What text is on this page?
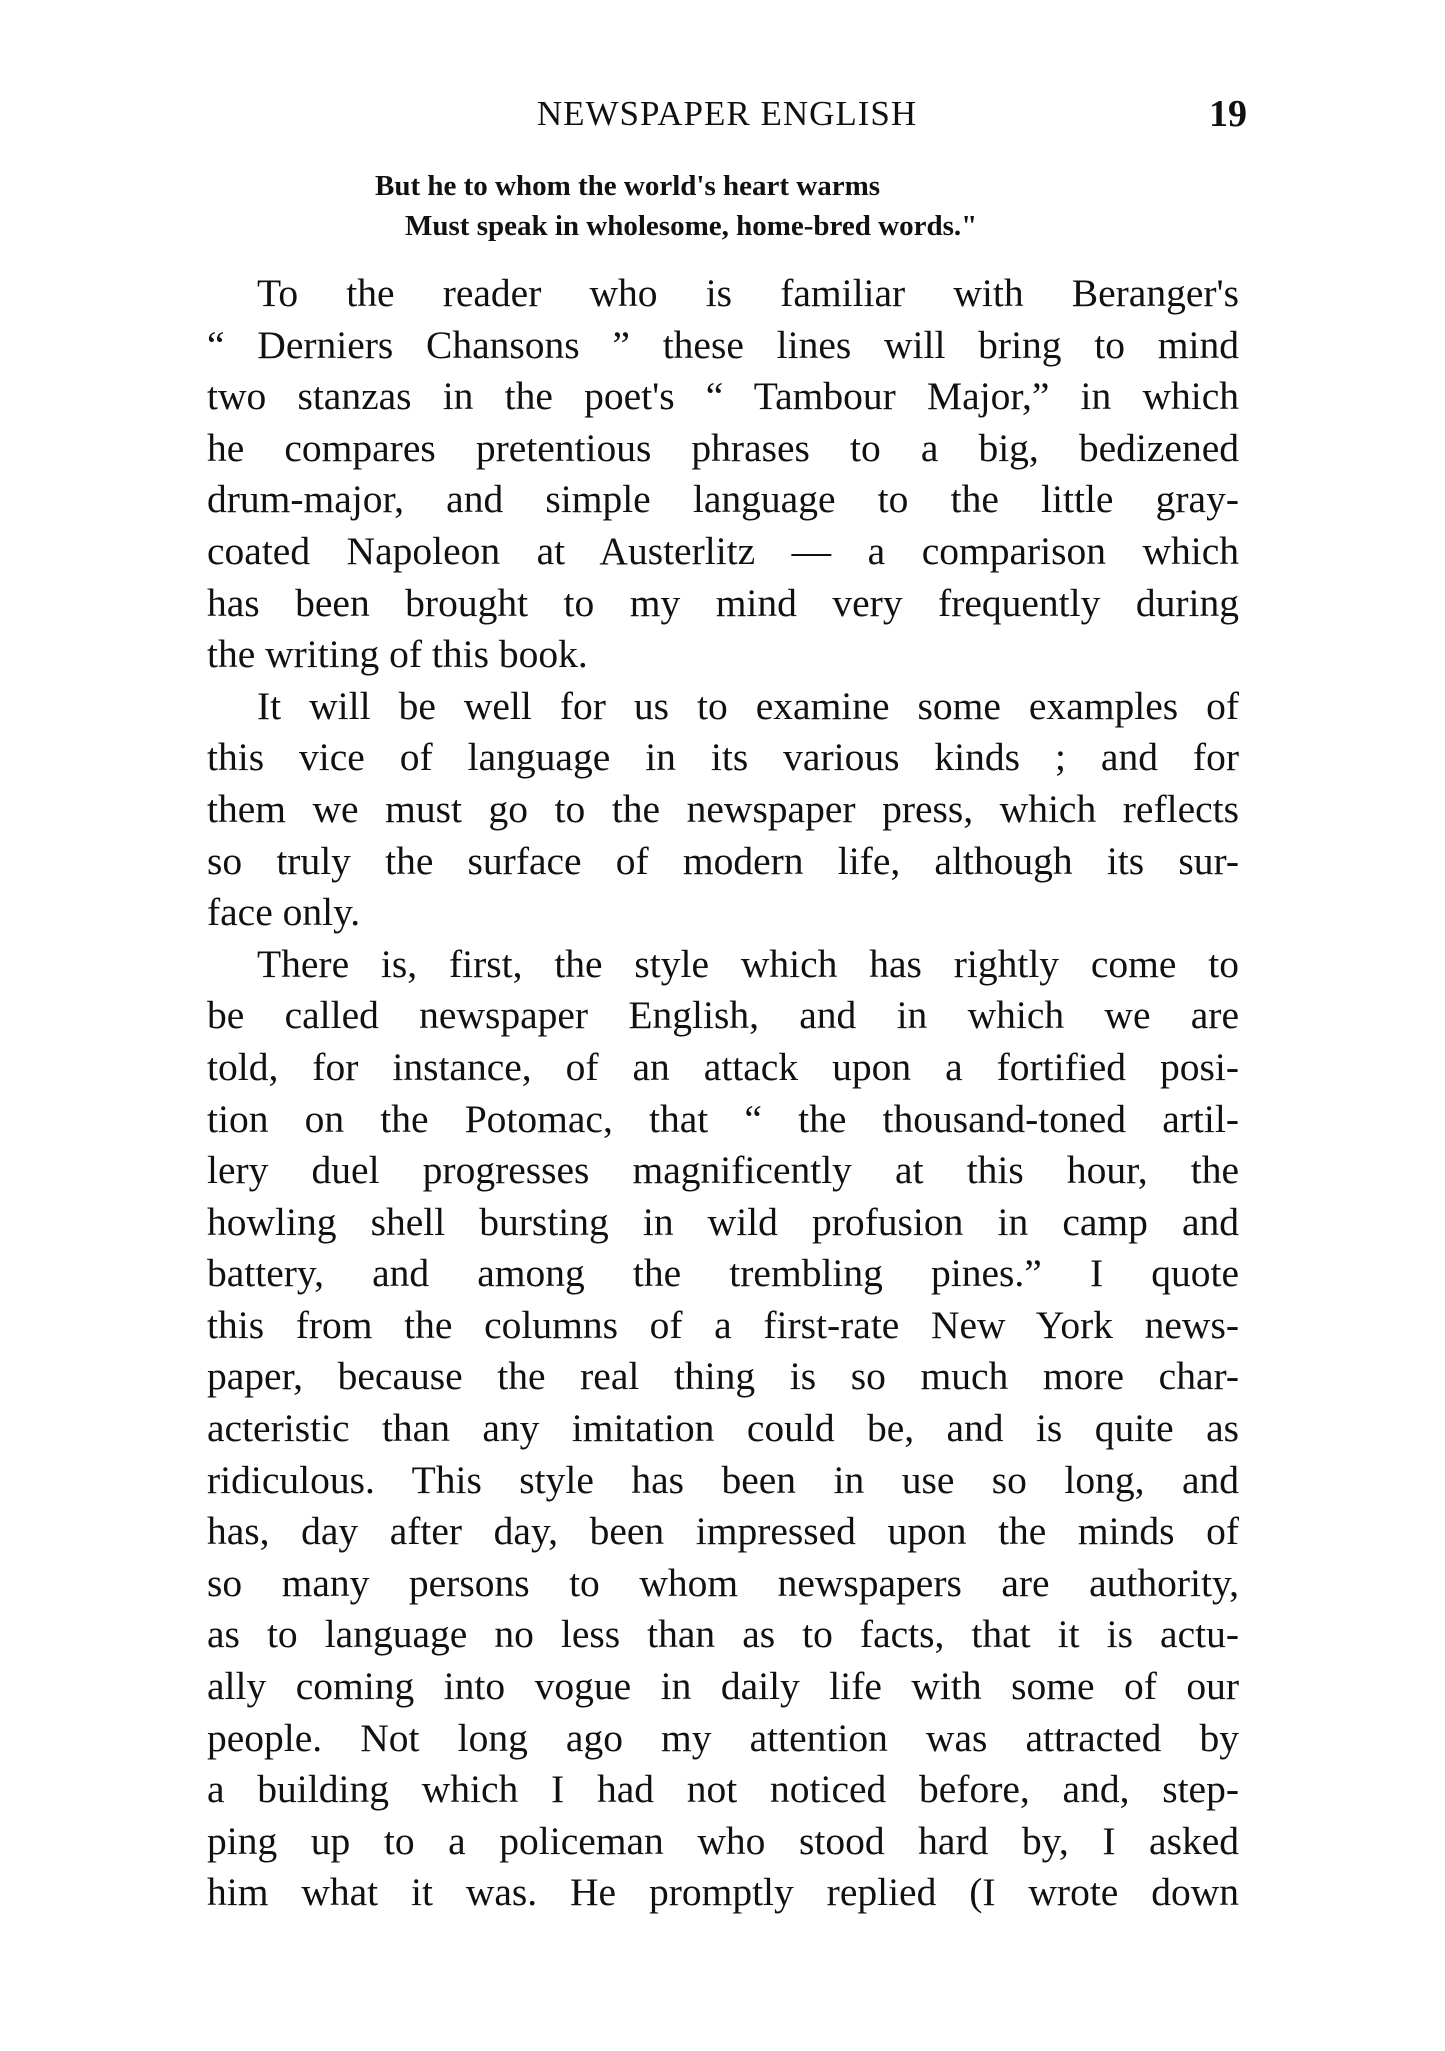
NEWSPAPER ENGLISH	19
But he to whom the world's heart warms
Must speak in wholesome, home-bred words."
To the reader who is familiar with Beranger's
“ Derniers Chansons ” these lines will bring to mind
two stanzas in the poet's “ Tambour Major,” in which
he compares pretentious phrases to a big, bedizened
drum-major, and simple language to the little gray-
coated Napoleon at Austerlitz — a comparison which
has been brought to my mind very frequently during
the writing of this book.
It will be well for us to examine some examples of
this vice of language in its various kinds ; and for
them we must go to the newspaper press, which reflects
so truly the surface of modern life, although its sur-
face only.
There is, first, the style which has rightly come to
be called newspaper English, and in which we are
told, for instance, of an attack upon a fortified posi-
tion on the Potomac, that “ the thousand-toned artil-
lery duel progresses magnificently at this hour, the
howling shell bursting in wild profusion in camp and
battery, and among the trembling pines.” I quote
this from the columns of a first-rate New York news-
paper, because the real thing is so much more char-
acteristic than any imitation could be, and is quite as
ridiculous. This style has been in use so long, and
has, day after day, been impressed upon the minds of
so many persons to whom newspapers are authority,
as to language no less than as to facts, that it is actu-
ally coming into vogue in daily life with some of our
people. Not long ago my attention was attracted by
a building which I had not noticed before, and, step-
ping up to a policeman who stood hard by, I asked
him what it was. He promptly replied (I wrote down
